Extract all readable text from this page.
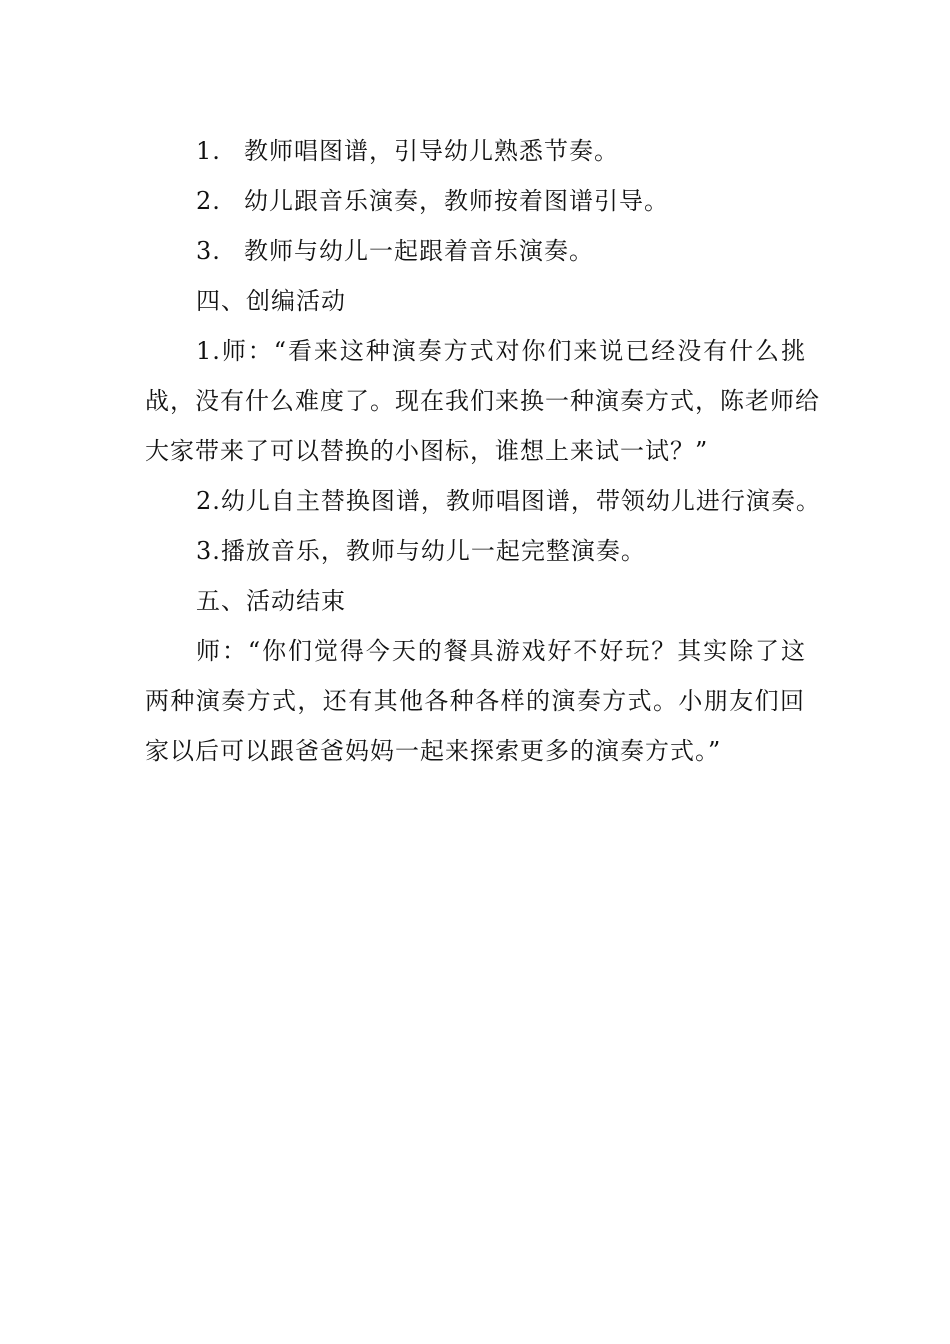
1. 教师唱图谱，引导幼儿熟悉节奏。
2. 幼儿跟音乐演奏，教师按着图谱引导。
3. 教师与幼儿一起跟着音乐演奏。
四、创编活动
1.师：“看来这种演奏方式对你们来说已经没有什么挑
战，没有什么难度了。现在我们来换一种演奏方式，陈老师给
大家带来了可以替换的小图标，谁想上来试一试？”
2.幼儿自主替换图谱，教师唱图谱，带领幼儿进行演奏。
3.播放音乐，教师与幼儿一起完整演奏。
五、活动结束
师：“你们觉得今天的餐具游戏好不好玩？其实除了这
两种演奏方式，还有其他各种各样的演奏方式。小朋友们回
家以后可以跟爸爸妈妈一起来探索更多的演奏方式。”
